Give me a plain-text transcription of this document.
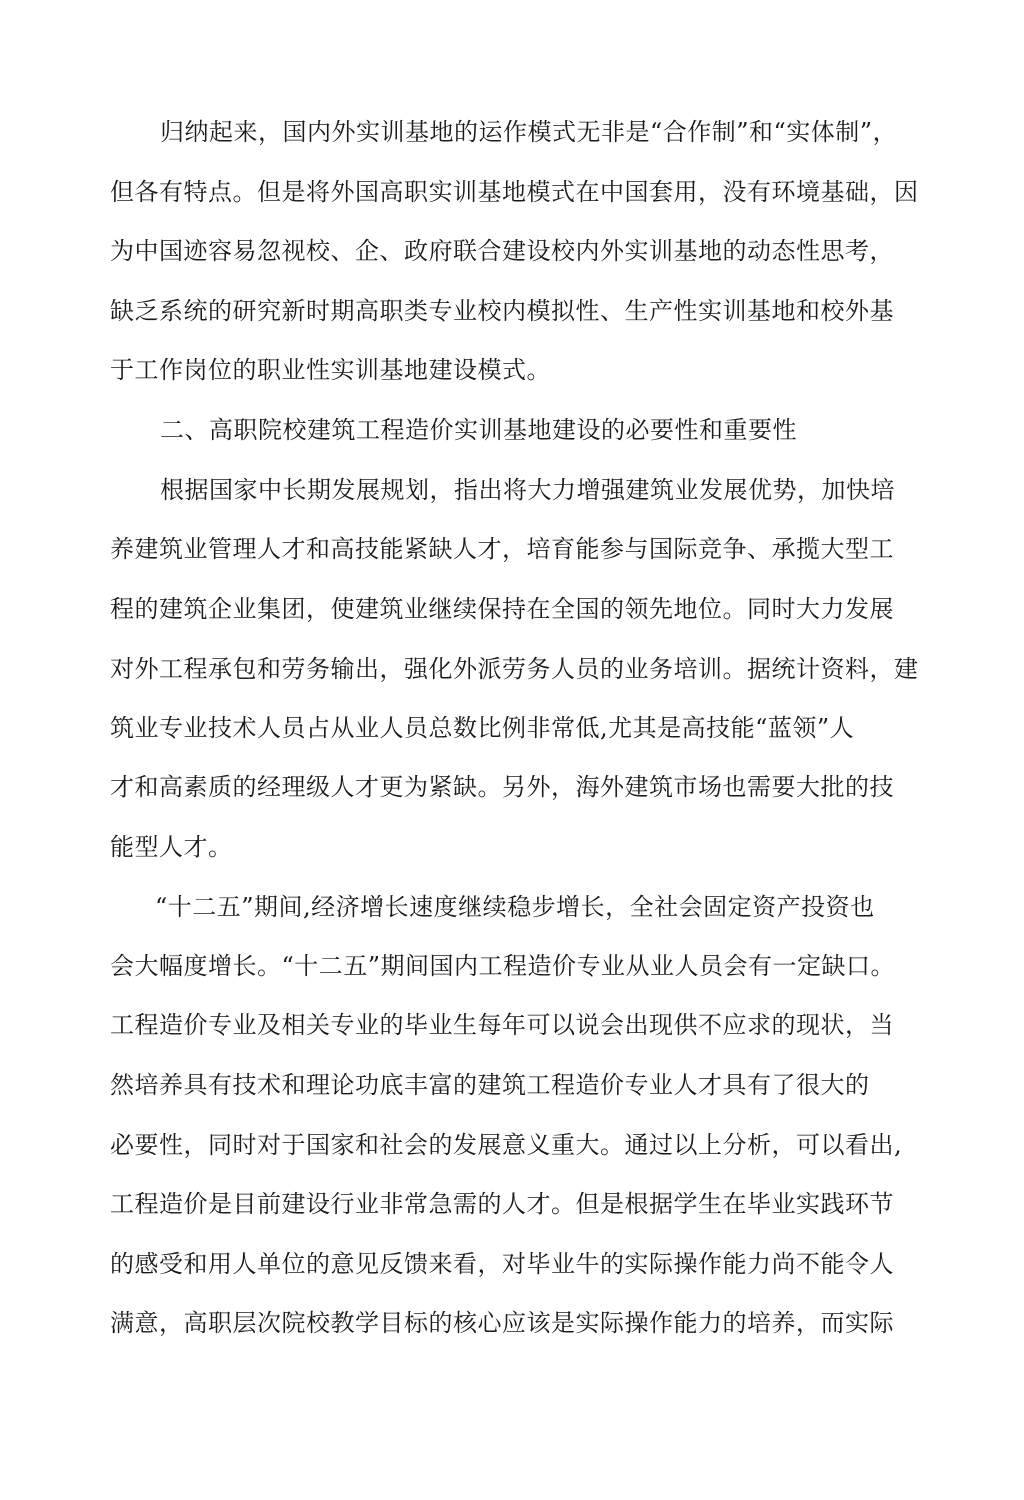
归纳起来，国内外实训基地的运作模式无非是“合作制”和“实体制”，
但各有特点。但是将外国高职实训基地模式在中国套用，没有环境基础，因
为中国迹容易忽视校、企、政府联合建设校内外实训基地的动态性思考，
缺乏系统的研究新时期高职类专业校内模拟性、生产性实训基地和校外基
于工作岗位的职业性实训基地建设模式。
二、高职院校建筑工程造价实训基地建设的必要性和重要性
根据国家中长期发展规划，指出将大力增强建筑业发展优势，加快培
养建筑业管理人才和高技能紧缺人才，培育能参与国际竞争、承揽大型工
程的建筑企业集团，使建筑业继续保持在全国的领先地位。同时大力发展
对外工程承包和劳务输出，强化外派劳务人员的业务培训。据统计资料，建
筑业专业技术人员占从业人员总数比例非常低,尤其是高技能“蓝领”人
才和高素质的经理级人才更为紧缺。另外，海外建筑市场也需要大批的技
能型人才。
“十二五”期间,经济增长速度继续稳步增长，全社会固定资产投资也
会大幅度增长。“十二五”期间国内工程造价专业从业人员会有一定缺口。
工程造价专业及相关专业的毕业生每年可以说会出现供不应求的现状，当
然培养具有技术和理论功底丰富的建筑工程造价专业人才具有了很大的
必要性，同时对于国家和社会的发展意义重大。通过以上分析，可以看出,
工程造价是目前建设行业非常急需的人才。但是根据学生在毕业实践环节
的感受和用人单位的意见反馈来看，对毕业牛的实际操作能力尚不能令人
满意，高职层次院校教学目标的核心应该是实际操作能力的培养，而实际
